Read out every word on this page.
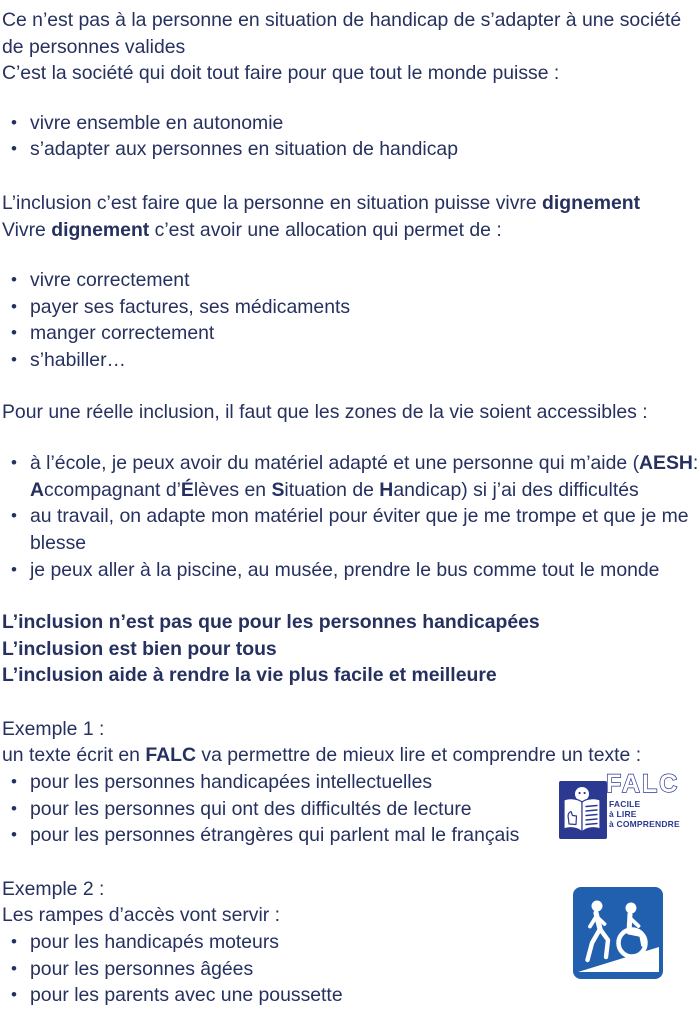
Ce n’est pas à la personne en situation de handicap de s’adapter à une société
de personnes valides
C’est la société qui doit tout faire pour que tout le monde puisse :
• vivre ensemble en autonomie
• s’adapter aux personnes en situation de handicap
L’inclusion c’est faire que la personne en situation puisse vivre dignement
Vivre dignement c’est avoir une allocation qui permet de :
• vivre correctement
• payer ses factures, ses médicaments
• manger correctement
• s’habiller…
Pour une réelle inclusion, il faut que les zones de la vie soient accessibles :
• à l’école, je peux avoir du matériel adapté et une personne qui m’aide (AESH:
Accompagnant d’Élèves en Situation de Handicap) si j’ai des difficultés
• au travail, on adapte mon matériel pour éviter que je me trompe et que je me
blesse
• je peux aller à la piscine, au musée, prendre le bus comme tout le monde
L’inclusion n’est pas que pour les personnes handicapées
L’inclusion est bien pour tous
L’inclusion aide à rendre la vie plus facile et meilleure
Exemple 1 :
un texte écrit en FALC va permettre de mieux lire et comprendre un texte :
• pour les personnes handicapées intellectuelles
• pour les personnes qui ont des difficultés de lecture
• pour les personnes étrangères qui parlent mal le français
Exemple 2 :
Les rampes d’accès vont servir :
• pour les handicapés moteurs
• pour les personnes âgées
• pour les parents avec une poussette
FALC
FACILE
à LIRE
à COMPRENDRE
